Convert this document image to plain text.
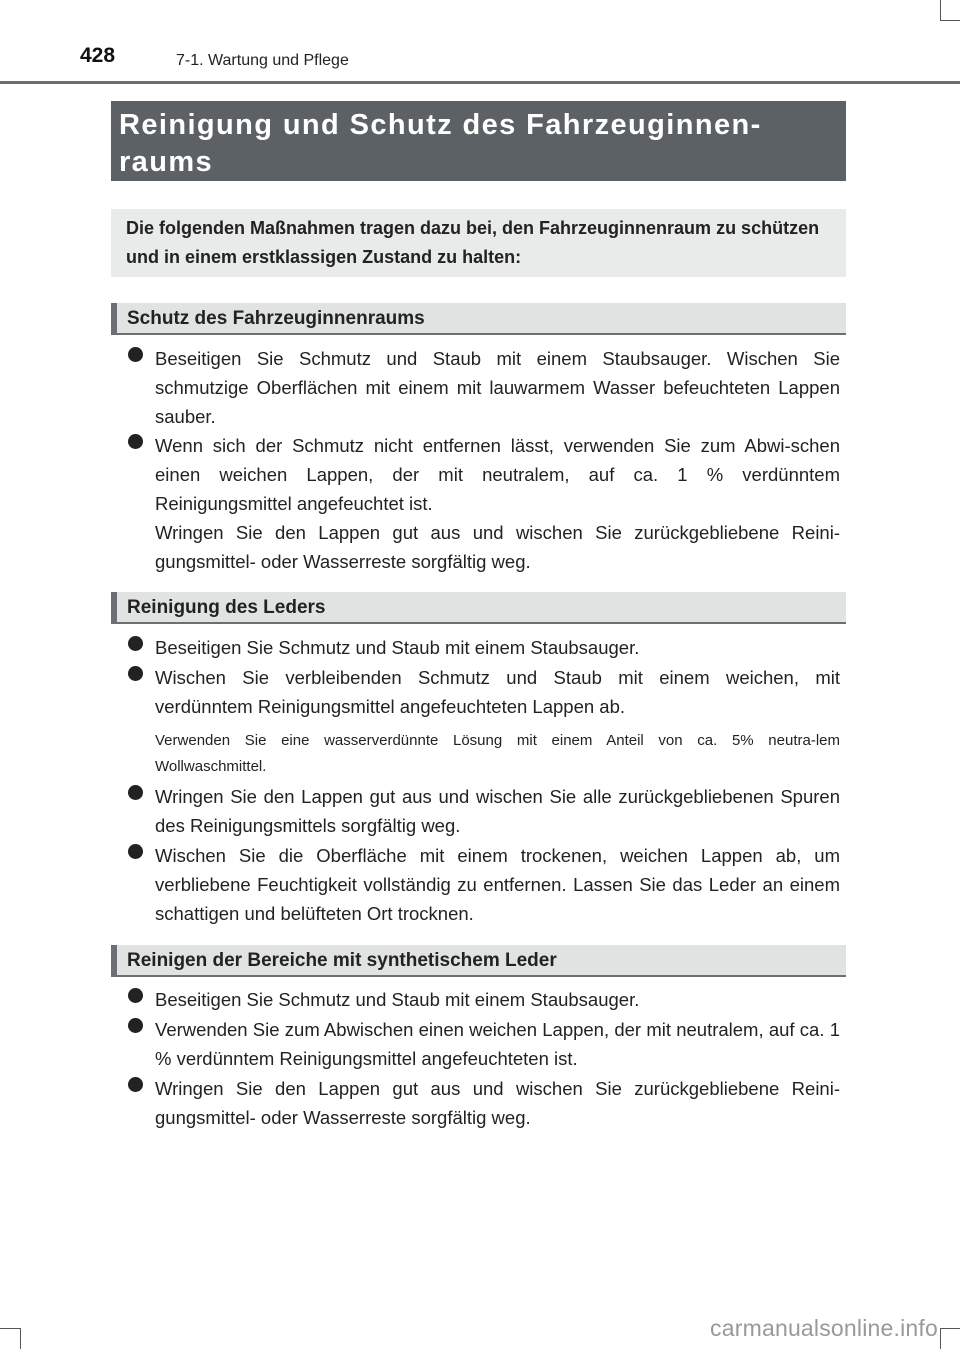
428	7-1. Wartung und Pflege
Reinigung und Schutz des Fahrzeuginnen-raums
Die folgenden Maßnahmen tragen dazu bei, den Fahrzeuginnenraum zu schützen und in einem erstklassigen Zustand zu halten:
Schutz des Fahrzeuginnenraums

Beseitigen Sie Schmutz und Staub mit einem Staubsauger. Wischen Sie schmutzige Oberflächen mit einem mit lauwarmem Wasser befeuchteten Lappen sauber.

Wenn sich der Schmutz nicht entfernen lässt, verwenden Sie zum Abwi-schen einen weichen Lappen, der mit neutralem, auf ca. 1 % verdünntem Reinigungsmittel angefeuchtet ist.

Wringen Sie den Lappen gut aus und wischen Sie zurückgebliebene Reini-gungsmittel- oder Wasserreste sorgfältig weg.

Reinigung des Leders

Beseitigen Sie Schmutz und Staub mit einem Staubsauger.

Wischen Sie verbleibenden Schmutz und Staub mit einem weichen, mit verdünntem Reinigungsmittel angefeuchteten Lappen ab.

Verwenden Sie eine wasserverdünnte Lösung mit einem Anteil von ca. 5% neutra-lem Wollwaschmittel.

Wringen Sie den Lappen gut aus und wischen Sie alle zurückgebliebenen Spuren des Reinigungsmittels sorgfältig weg.

Wischen Sie die Oberfläche mit einem trockenen, weichen Lappen ab, um verbliebene Feuchtigkeit vollständig zu entfernen. Lassen Sie das Leder an einem schattigen und belüfteten Ort trocknen.

Reinigen der Bereiche mit synthetischem Leder

Beseitigen Sie Schmutz und Staub mit einem Staubsauger.

Verwenden Sie zum Abwischen einen weichen Lappen, der mit neutralem, auf ca. 1 % verdünntem Reinigungsmittel angefeuchteten ist.

Wringen Sie den Lappen gut aus und wischen Sie zurückgebliebene Reini-gungsmittel- oder Wasserreste sorgfältig weg.

carmanualsonline.info
